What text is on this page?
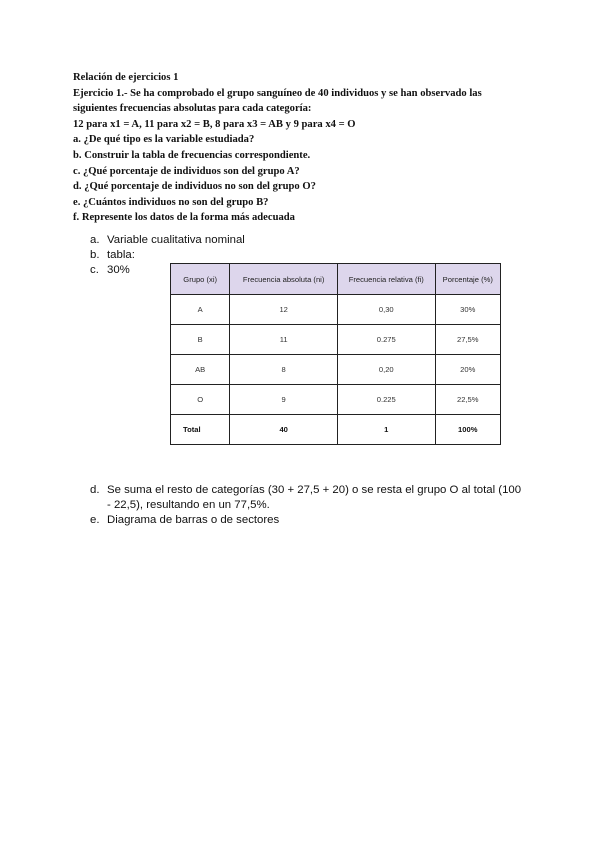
Relación de ejercicios 1
Ejercicio 1.- Se ha comprobado el grupo sanguíneo de 40 individuos y se han observado las
siguientes frecuencias absolutas para cada categoría:
12 para x1 = A, 11 para x2 = B, 8 para x3 = AB y 9 para x4 = O
a. ¿De qué tipo es la variable estudiada?
b. Construir la tabla de frecuencias correspondiente.
c. ¿Qué porcentaje de individuos son del grupo A?
d. ¿Qué porcentaje de individuos no son del grupo O?
e. ¿Cuántos individuos no son del grupo B?
f. Represente los datos de la forma más adecuada
a. Variable cualitativa nominal
b. tabla:
c. 30%
Grupo (xi)	Frecuencia absoluta (ni)	Frecuencia relativa (fi)	Porcentaje (%)
A	12	0,30	30%
B	11	0.275	27,5%
AB	8	0,20	20%
O	9	0.225	22,5%
Total	40	1	100%
d. Se suma el resto de categorías (30 + 27,5 + 20) o se resta el grupo O al total (100 - 22,5), resultando en un 77,5%.
e. Diagrama de barras o de sectores
